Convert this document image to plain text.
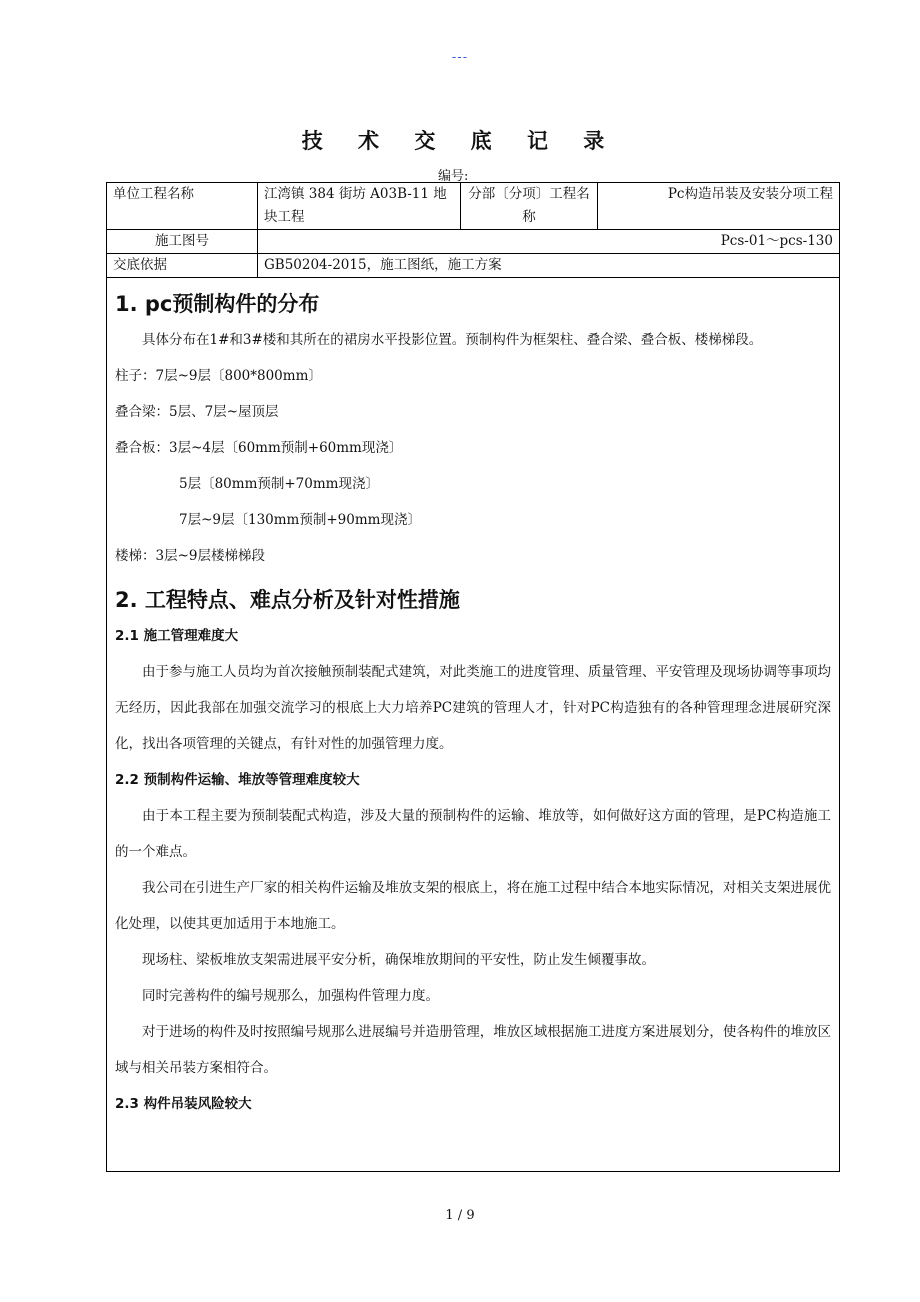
---
技 术 交 底 记 录
编号:
单位工程名称	江湾镇 384 街坊 A03B-11 地块工程	分部〔分项〕工程名称	Pc构造吊装及安装分项工程
施工图号	Pcs-01～pcs-130		
交底依据	GB50204-2015，施工图纸，施工方案		
1. pc预制构件的分布
具体分布在1#和3#楼和其所在的裙房水平投影位置。预制构件为框架柱、叠合梁、叠合板、楼梯梯段。
柱子：7层~9层〔800*800mm〕
叠合梁：5层、7层~屋顶层
叠合板：3层~4层〔60mm预制+60mm现浇〕
5层〔80mm预制+70mm现浇〕
7层~9层〔130mm预制+90mm现浇〕
楼梯：3层~9层楼梯梯段
2. 工程特点、难点分析及针对性措施
2.1 施工管理难度大
由于参与施工人员均为首次接触预制装配式建筑，对此类施工的进度管理、质量管理、平安管理及现场协调等事项均无经历，因此我部在加强交流学习的根底上大力培养PC建筑的管理人才，针对PC构造独有的各种管理理念进展研究深化，找出各项管理的关键点，有针对性的加强管理力度。
2.2 预制构件运输、堆放等管理难度较大
由于本工程主要为预制装配式构造，涉及大量的预制构件的运输、堆放等，如何做好这方面的管理，是PC构造施工的一个难点。
我公司在引进生产厂家的相关构件运输及堆放支架的根底上，将在施工过程中结合本地实际情况，对相关支架进展优化处理，以使其更加适用于本地施工。
现场柱、梁板堆放支架需进展平安分析，确保堆放期间的平安性，防止发生倾覆事故。
同时完善构件的编号规那么，加强构件管理力度。
对于进场的构件及时按照编号规那么进展编号并造册管理，堆放区域根据施工进度方案进展划分，使各构件的堆放区域与相关吊装方案相符合。
2.3 构件吊装风险较大
1 / 9
